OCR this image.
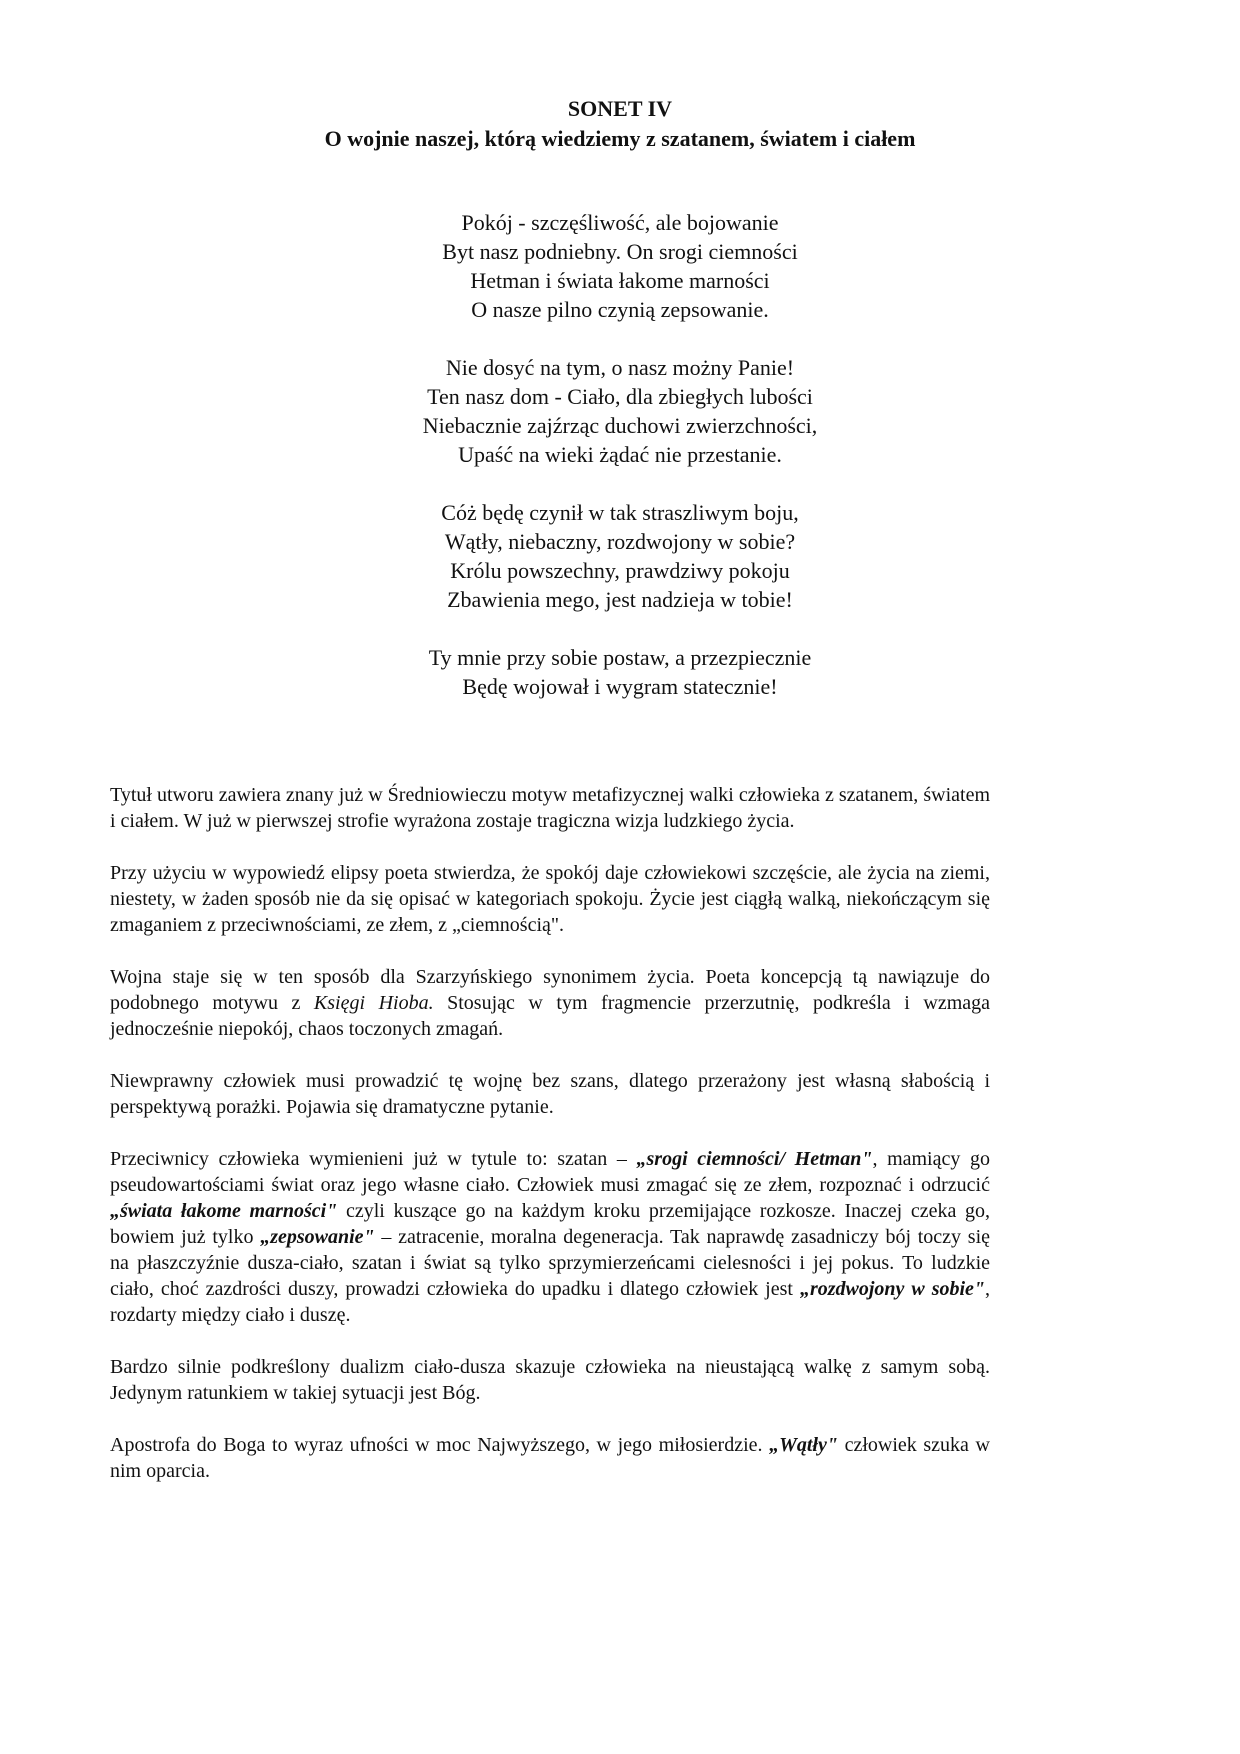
SONET IV
O wojnie naszej, którą wiedziemy z szatanem, światem i ciałem
Pokój - szczęśliwość, ale bojowanie
Byt nasz podniebny. On srogi ciemności
Hetman i świata łakome marności
O nasze pilno czynią zepsowanie.
Nie dosyć na tym, o nasz możny Panie!
Ten nasz dom - Ciało, dla zbiegłych lubości
Niebacznie zajźrząc duchowi zwierzchności,
Upaść na wieki żądać nie przestanie.
Cóż będę czynił w tak straszliwym boju,
Wątły, niebaczny, rozdwojony w sobie?
Królu powszechny, prawdziwy pokoju
Zbawienia mego, jest nadzieja w tobie!
Ty mnie przy sobie postaw, a przezpiecznie
Będę wojował i wygram statecznie!

Tytuł utworu zawiera znany już w Średniowieczu motyw metafizycznej walki człowieka z szatanem, światem i ciałem. W już w pierwszej strofie wyrażona zostaje tragiczna wizja ludzkiego życia.

Przy użyciu w wypowiedź elipsy poeta stwierdza, że spokój daje człowiekowi szczęście, ale życia na ziemi, niestety, w żaden sposób nie da się opisać w kategoriach spokoju. Życie jest ciągłą walką, niekończącym się zmaganiem z przeciwnościami, ze złem, z „ciemnością".

Wojna staje się w ten sposób dla Szarzyńskiego synonimem życia. Poeta koncepcją tą nawiązuje do podobnego motywu z Księgi Hioba. Stosując w tym fragmencie przerzutnię, podkreśla i wzmaga jednocześnie niepokój, chaos toczonych zmagań.

Niewprawny człowiek musi prowadzić tę wojnę bez szans, dlatego przerażony jest własną słabością i perspektywą porażki. Pojawia się dramatyczne pytanie.

Przeciwnicy człowieka wymienieni już w tytule to: szatan – „srogi ciemności/ Hetman", mamiący go pseudowartościami świat oraz jego własne ciało. Człowiek musi zmagać się ze złem, rozpoznać i odrzucić „świata łakome marności" czyli kuszące go na każdym kroku przemijające rozkosze. Inaczej czeka go, bowiem już tylko „zepsowanie" – zatracenie, moralna degeneracja. Tak naprawdę zasadniczy bój toczy się na płaszczyźnie dusza-ciało, szatan i świat są tylko sprzymierzeńcami cielesności i jej pokus. To ludzkie ciało, choć zazdrości duszy, prowadzi człowieka do upadku i dlatego człowiek jest „rozdwojony w sobie", rozdarty między ciało i duszę.

Bardzo silnie podkreślony dualizm ciało-dusza skazuje człowieka na nieustającą walkę z samym sobą. Jedynym ratunkiem w takiej sytuacji jest Bóg.

Apostrofa do Boga to wyraz ufności w moc Najwyższego, w jego miłosierdzie. „Wątły" człowiek szuka w nim oparcia.
